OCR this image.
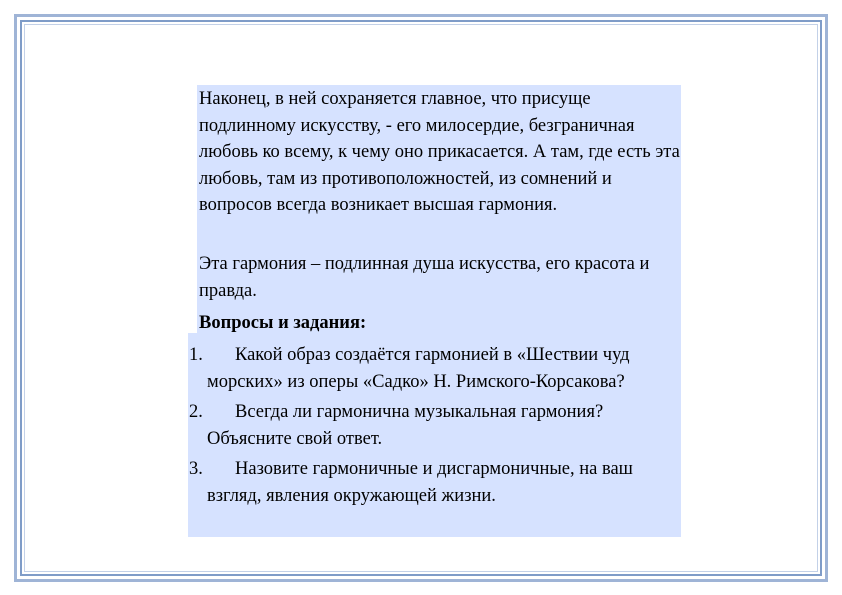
Наконец, в ней сохраняется главное, что присуще подлинному искусству, - его милосердие, безграничная любовь ко всему, к чему оно прикасается. А там, где есть эта любовь, там из противоположностей, из сомнений и вопросов всегда возникает высшая гармония.

Эта гармония – подлинная душа искусства, его красота и правда.

Вопросы и задания:

1.	Какой образ создаётся гармонией в «Шествии чуд морских» из оперы «Садко» Н. Римского-Корсакова?
2.	Всегда ли гармонична музыкальная гармония? Объясните свой ответ.
3.	Назовите гармоничные и дисгармоничные, на ваш взгляд, явления окружающей жизни.
